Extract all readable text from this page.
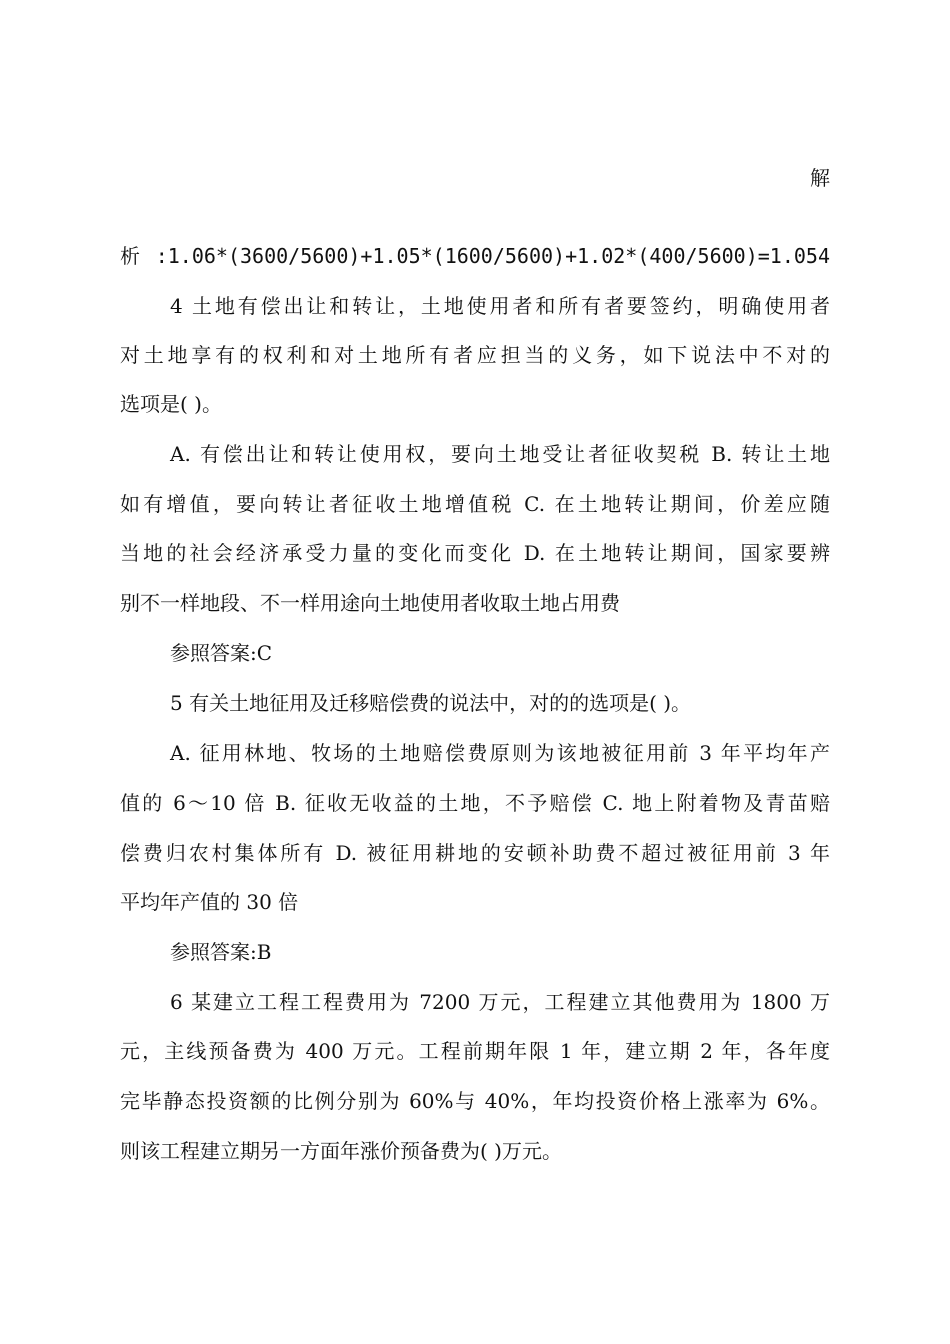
解
析:1.06*(3600/5600)+1.05*(1600/5600)+1.02*(400/5600)=1.054
4 土地有偿出让和转让，土地使用者和所有者要签约，明确使用者
对土地享有的权利和对土地所有者应担当的义务，如下说法中不对的
选项是( )。
A. 有偿出让和转让使用权，要向土地受让者征收契税 B. 转让土地
如有增值，要向转让者征收土地增值税 C. 在土地转让期间，价差应随
当地的社会经济承受力量的变化而变化 D. 在土地转让期间，国家要辨
别不一样地段、不一样用途向土地使用者收取土地占用费
参照答案:C
5 有关土地征用及迁移赔偿费的说法中，对的的选项是( )。
A. 征用林地、牧场的土地赔偿费原则为该地被征用前 3 年平均年产
值的 6～10 倍 B. 征收无收益的土地，不予赔偿 C. 地上附着物及青苗赔
偿费归农村集体所有 D. 被征用耕地的安顿补助费不超过被征用前 3 年
平均年产值的 30 倍
参照答案:B
6 某建立工程工程费用为 7200 万元，工程建立其他费用为 1800 万
元，主线预备费为 400 万元。工程前期年限 1 年，建立期 2 年，各年度
完毕静态投资额的比例分别为 60%与 40%，年均投资价格上涨率为 6%。
则该工程建立期另一方面年涨价预备费为( )万元。
